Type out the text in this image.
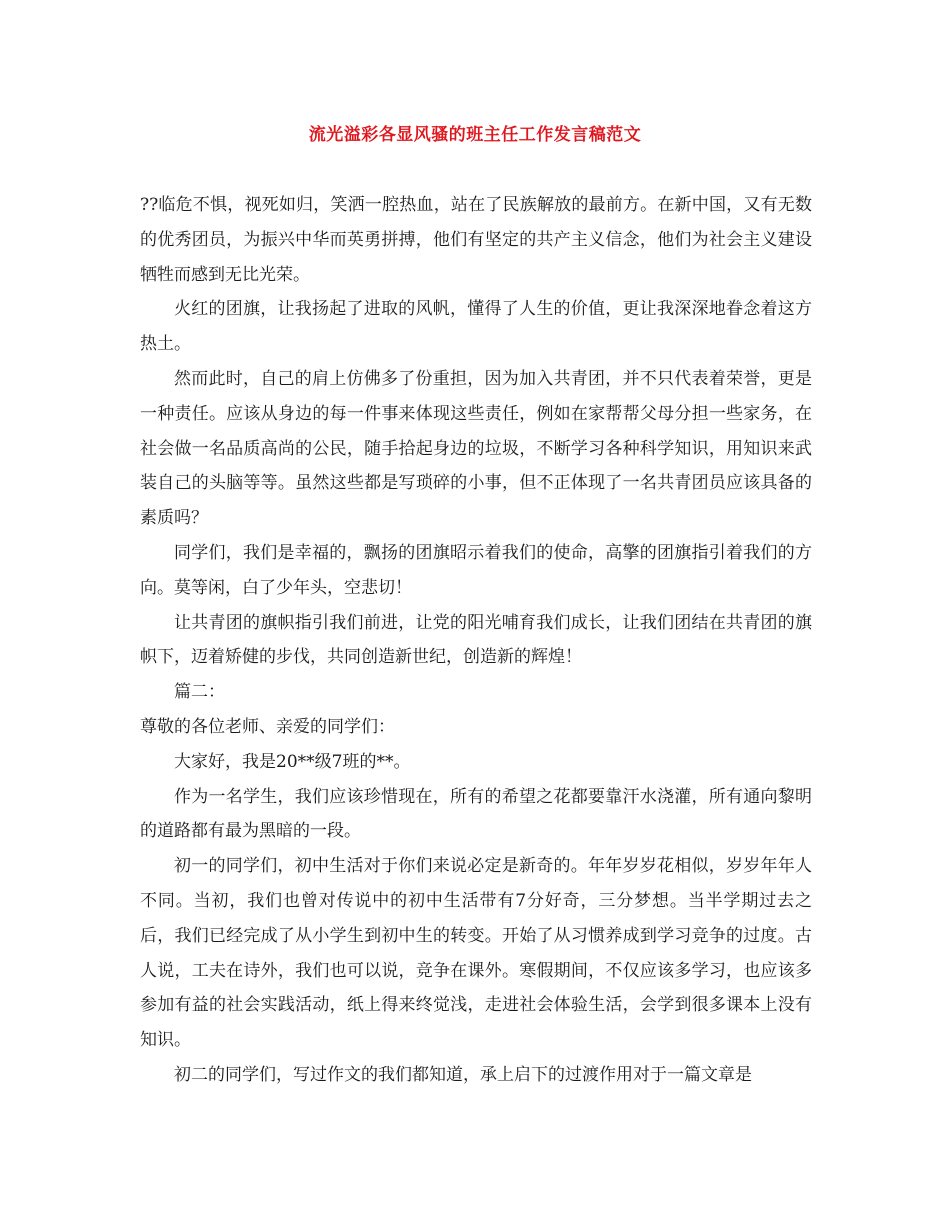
流光溢彩各显风骚的班主任工作发言稿范文

??临危不惧，视死如归，笑洒一腔热血，站在了民族解放的最前方。在新中国，又有无数的优秀团员，为振兴中华而英勇拼搏，他们有坚定的共产主义信念，他们为社会主义建设牺牲而感到无比光荣。

火红的团旗，让我扬起了进取的风帆，懂得了人生的价值，更让我深深地眷念着这方热土。

然而此时，自己的肩上仿佛多了份重担，因为加入共青团，并不只代表着荣誉，更是一种责任。应该从身边的每一件事来体现这些责任，例如在家帮帮父母分担一些家务，在社会做一名品质高尚的公民，随手拾起身边的垃圾，不断学习各种科学知识，用知识来武装自己的头脑等等。虽然这些都是写琐碎的小事，但不正体现了一名共青团员应该具备的素质吗？

同学们，我们是幸福的，飘扬的团旗昭示着我们的使命，高擎的团旗指引着我们的方向。莫等闲，白了少年头，空悲切！

让共青团的旗帜指引我们前进，让党的阳光哺育我们成长，让我们团结在共青团的旗帜下，迈着矫健的步伐，共同创造新世纪，创造新的辉煌！

篇二：

尊敬的各位老师、亲爱的同学们：

大家好，我是20**级7班的**。

作为一名学生，我们应该珍惜现在，所有的希望之花都要靠汗水浇灌，所有通向黎明的道路都有最为黑暗的一段。

初一的同学们，初中生活对于你们来说必定是新奇的。年年岁岁花相似，岁岁年年人不同。当初，我们也曾对传说中的初中生活带有7分好奇，三分梦想。当半学期过去之后，我们已经完成了从小学生到初中生的转变。开始了从习惯养成到学习竞争的过度。古人说，工夫在诗外，我们也可以说，竞争在课外。寒假期间，不仅应该多学习，也应该多参加有益的社会实践活动，纸上得来终觉浅，走进社会体验生活，会学到很多课本上没有知识。

初二的同学们，写过作文的我们都知道，承上启下的过渡作用对于一篇文章是
